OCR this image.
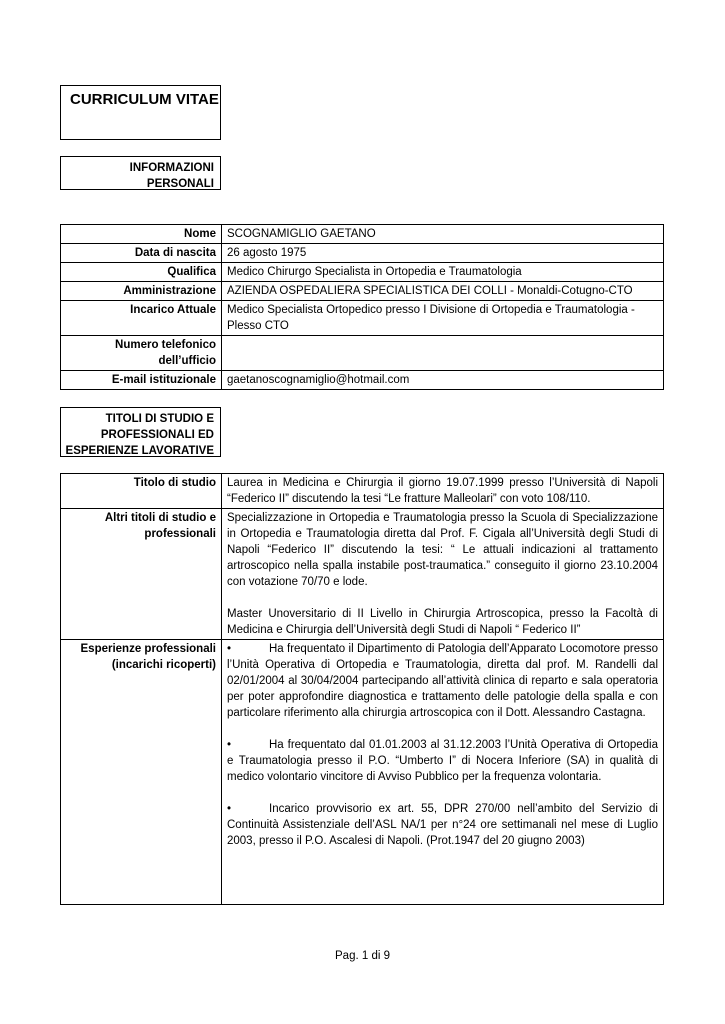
CURRICULUM VITAE
INFORMAZIONI PERSONALI
Nome	SCOGNAMIGLIO GAETANO
Data di nascita	26 agosto 1975
Qualifica	Medico Chirurgo Specialista in Ortopedia e Traumatologia
Amministrazione	AZIENDA OSPEDALIERA SPECIALISTICA DEI COLLI - Monaldi-Cotugno-CTO
Incarico Attuale	Medico Specialista Ortopedico presso I Divisione di Ortopedia e Traumatologia - Plesso CTO
Numero telefonico dell’ufficio	
E-mail istituzionale	gaetanoscognamiglio@hotmail.com
TITOLI DI STUDIO E PROFESSIONALI ED ESPERIENZE LAVORATIVE
Titolo di studio	Laurea in Medicina e Chirurgia il giorno 19.07.1999 presso l’Università di Napoli “Federico II” discutendo la tesi “Le fratture Malleolari” con voto 108/110.
Altri titoli di studio e professionali	Specializzazione in Ortopedia e Traumatologia presso la Scuola di Specializzazione in Ortopedia e Traumatologia diretta dal Prof. F. Cigala all’Università degli Studi di Napoli “Federico II” discutendo la tesi: “ Le attuali indicazioni al trattamento artroscopico nella spalla instabile post-traumatica.” conseguito il giorno 23.10.2004 con votazione 70/70 e lode.

Master Unoversitario di II Livello in Chirurgia Artroscopica, presso la Facoltà di Medicina e Chirurgia dell’Università degli Studi di Napoli “ Federico II”

Esperienze professionali (incarichi ricoperti)	• Ha frequentato il Dipartimento di Patologia dell’Apparato Locomotore presso l’Unità Operativa di Ortopedia e Traumatologia, diretta dal prof. M. Randelli dal 02/01/2004 al 30/04/2004 partecipando all’attività clinica di reparto e sala operatoria per poter approfondire diagnostica e trattamento delle patologie della spalla e con particolare riferimento alla chirurgia artroscopica con il Dott. Alessandro Castagna.

• Ha frequentato dal 01.01.2003 al 31.12.2003 l’Unità Operativa di Ortopedia e Traumatologia presso il P.O. “Umberto I” di Nocera Inferiore (SA) in qualità di medico volontario vincitore di Avviso Pubblico per la frequenza volontaria.

• Incarico provvisorio ex art. 55, DPR 270/00 nell’ambito del Servizio di Continuità Assistenziale dell’ASL NA/1 per n°24 ore settimanali nel mese di Luglio 2003, presso il P.O. Ascalesi di Napoli. (Prot.1947 del 20 giugno 2003)

Pag. 1 di 9
